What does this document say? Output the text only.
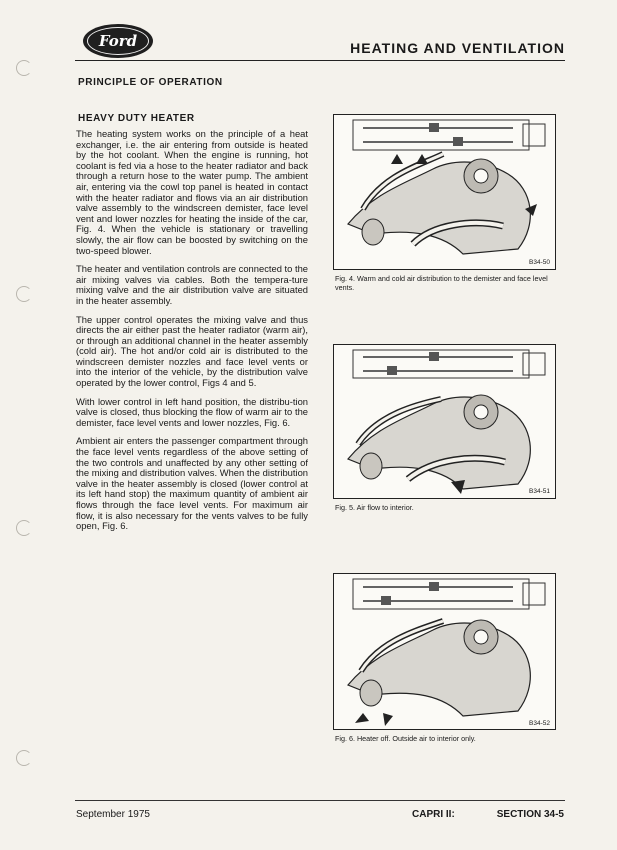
Ford	HEATING AND VENTILATION
PRINCIPLE OF OPERATION
HEAVY DUTY HEATER

The heating system works on the principle of a heat exchanger, i.e. the air entering from outside is heated by the hot coolant. When the engine is running, hot coolant is fed via a hose to the heater radiator and back through a return hose to the water pump. The ambient air, entering via the cowl top panel is heated in contact with the heater radiator and flows via an air distribution valve assembly to the windscreen demister, face level vent and lower nozzles for heating the inside of the car, Fig. 4. When the vehicle is stationary or travelling slowly, the air flow can be boosted by switching on the two-speed blower.

The heater and ventilation controls are connected to the air mixing valves via cables. Both the tempera-ture mixing valve and the air distribution valve are situated in the heater assembly.

The upper control operates the mixing valve and thus directs the air either past the heater radiator (warm air), or through an additional channel in the heater assembly (cold air). The hot and/or cold air is distributed to the windscreen demister nozzles and face level vents or into the interior of the vehicle, by the distribution valve operated by the lower control, Figs 4 and 5.

With lower control in left hand position, the distribu-tion valve is closed, thus blocking the flow of warm air to the demister, face level vents and lower nozzles, Fig. 6.

Ambient air enters the passenger compartment through the face level vents regardless of the above setting of the two controls and unaffected by any other setting of the mixing and distribution valves. When the distribution valve in the heater assembly is closed (lower control at its left hand stop) the maximum quantity of ambient air flows through the face level vents. For maximum air flow, it is also necessary for the vents valves to be fully open, Fig. 6.

B34-50
Fig. 4. Warm and cold air distribution to the demister and face level vents.
B34-51
Fig. 5. Air flow to interior.
B34-52
Fig. 6. Heater off. Outside air to interior only.
September 1975	CAPRI II:	SECTION 34-5
